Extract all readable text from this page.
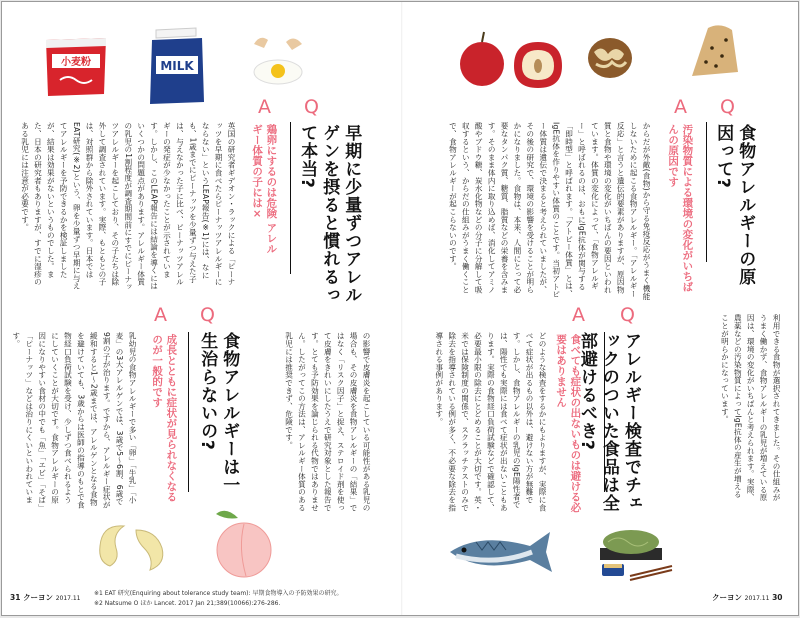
小麦粉	MILK
Q
A
早期に少量ずつアレルゲンを摂ると慣れるって本当?
鶏卵にするのは危険 アレルギー体質の子には×
英国の研究者ギデオン・ラックによる「ピーナッツを早期に食べたらピーナッツアレルギーにならない」というLEAP報告(※1)には、なにも、1歳までにピーナッツを少量ずつ与えた子は、与えなかった子に比べ、ピーナッツアレルギーの発症が少なかったことが示されています。しかし、このLEAP報告には結論を導くにはいくつかの問題点があります。アレルギー体質の乳児の1割程度が調査期間前にすでにピーナッツアレルギーを起こしており、その子たちは除外して調査されています。実際、もともとの子は、対照群から除外されています。日本ではEAT研究(※2)という、卵を少量ずつ早期に与えてアレルギーを予防できるかを検証しましたが、結果は効果がないというものでした。また、日本の研究者もありますが、すでに湿疹のある乳児には注意が必要です。
Q
A
食物アレルギーは一生治らないの?
成長とともに症状が見られなくなるのが一般的です
乳幼児の食物アレルギーで多い「卵」「牛乳」「小麦」の3大アレルゲンでは、3歳で5〜6割、6歳で9割の子が治ります。ですから、アレルギー症状が緩和すると1〜2歳までは、アレルゲンとなる食物を避けていても、3歳からは医師の指導のもとで食物経口負荷試験を受け、少しずつ食べられるようにしていくことが大切です。食物アレルギーの原因になりやすい食材の中でも「魚」「エビ」「そば」「ピーナッツ」などは治りにくいといわれています。	の影響で皮膚炎を起こしている可能性がある乳児の場合も、その皮膚炎を食物アレルギーの「結果」ではなく「リスク因子」と捉え、ステロイド剤を使って皮膚をきれいにしたうえで研究対象とした報告です。とても予防効果を論じられる代物ではありません。したがってこの方法は、アレルギー体質のある乳児には推奨できず、危険です。
31 クーヨン 2017.11
※1 EAT 研究(Enquiring about tolerance study team): 早期食物導入の予防効果の研究。
※2 Natsume O ほか Lancet. 2017 Jan 21;389(10066):276-286.
Q
A
食物アレルギーの原因って?
汚染物質による環境の変化がいちばんの原因です
からだが外敵(食物)から守る免疫反応がうまく機能しないために起こる食物アレルギー。「アレルギー反応」と言うと遺伝的要素がありますが、原因物質と食物や環境の変化がいちばんの要因といわれています。体質の変化によって、「食物アレルギー」と呼ばれるのは、おもにIgE抗体が関与する「即時型」と呼ばれます。「アトピー体質」とは、IgE抗体を作りやすい体質のことです。当初アトピー体質は遺伝で決まると考えられていましたが、その後の研究で、環境の影響を受けることが明らかになりました。食物は、本来、人間にとって必要なタンパク質、糖質、脂質などの栄養を含みます。そのまま体内に取り込めば、消化してアミノ酸やブドウ糖、炭水化物などの分子に分解して吸収するという、からだの仕組みがうまく働くことで、食物アレルギーが起こらないのです。
利用できる食物が選択されてきました。その仕組みがうまく働かず、食物アレルギーの乳児が増えている原因は、環境の変化がいちばんと考えられます。実際、農薬などの汚染物質によってIgE抗体の産生が増えることが明らかになっています。
Q
A
アレルギー検査でチェックのついた食品は全部避けるべき?
食べても症状の出ないものは避ける必要はありません
どのような検査をするかにもよりますが、実際に食べて症状が出るもの以外は、避けない方が無難です。しかし、食物アレルギーの乳児のIgE陽性者では、陽性でも実際には食べて症状が出ないこともあります。実際の食物経口負荷試験などで確認して、必要最小限の除去にとどめることが大切です。英・米では保険制度の関係で、スクラッチテストのみで除去を指導されている例が多く、不必要な除去を指導される事例があります。
クーヨン 2017.11 30
